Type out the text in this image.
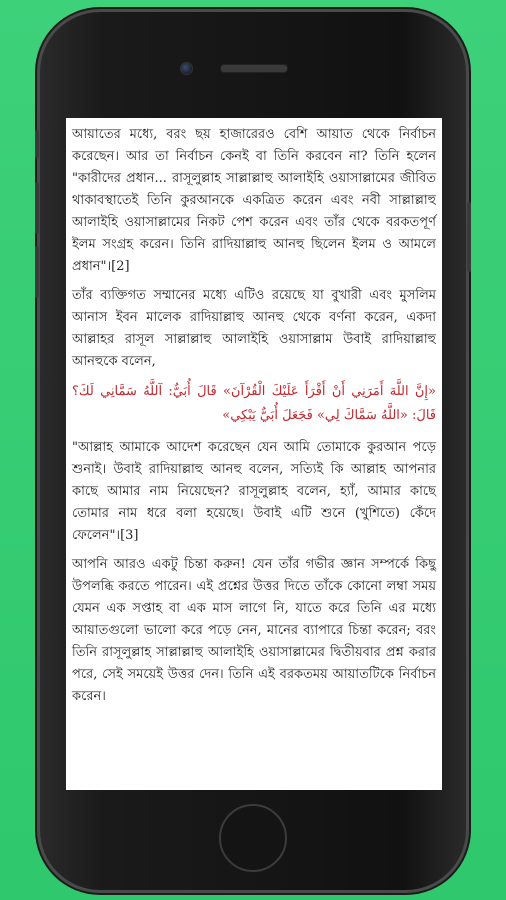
আয়াতের মধ্যে, বরং ছয় হাজারেরও বেশি আয়াত থেকে নির্বাচন করেছেন। আর তা নির্বাচন কেনই বা তিনি করবেন না? তিনি হলেন "কারীদের প্রধান... রাসূলুল্লাহ সাল্লাল্লাহু আলাইহি ওয়াসাল্লামের জীবিত থাকাবস্থাতেই তিনি কুরআনকে একত্রিত করেন এবং নবী সাল্লাল্লাহু আলাইহি ওয়াসাল্লামের নিকট পেশ করেন এবং তাঁর থেকে বরকতপূর্ণ ইলম সংগ্রহ করেন। তিনি রাদিয়াল্লাহু আনহু ছিলেন ইলম ও আমলে প্রধান"।[2]

তাঁর ব্যক্তিগত সম্মানের মধ্যে এটিও রয়েছে যা বুখারী এবং মুসলিম আনাস ইবন মালেক রাদিয়াল্লাহু আনহু থেকে বর্ণনা করেন, একদা আল্লাহর রাসূল সাল্লাল্লাহু আলাইহি ওয়াসাল্লাম উবাই রাদিয়াল্লাহু আনহুকে বলেন,

«إِنَّ اللَّهَ أَمَرَنِي أَنْ أَقْرَأَ عَلَيْكَ الْقُرْآنَ» قَالَ أُبَيٌّ: آللَّهُ سَمَّانِي لَكَ؟ قَالَ: «اللَّهُ سَمَّاكَ لِي» فَجَعَلَ أُبَيٌّ يَبْكِي»

"আল্লাহ আমাকে আদেশ করেছেন যেন আমি তোমাকে কুরআন পড়ে শুনাই। উবাই রাদিয়াল্লাহু আনহু বলেন, সত্যিই কি আল্লাহ আপনার কাছে আমার নাম নিয়েছেন? রাসূলুল্লাহ বলেন, হ্যাঁ, আমার কাছে তোমার নাম ধরে বলা হয়েছে। উবাই এটি শুনে (খুশিতে) কেঁদে ফেলেন"।[3]

আপনি আরও একটু চিন্তা করুন! যেন তাঁর গভীর জ্ঞান সম্পর্কে কিছু উপলব্ধি করতে পারেন। এই প্রশ্নের উত্তর দিতে তাঁকে কোনো লম্বা সময় যেমন এক সপ্তাহ বা এক মাস লাগে নি, যাতে করে তিনি এর মধ্যে আয়াতগুলো ভালো করে পড়ে নেন, মানের ব্যাপারে চিন্তা করেন; বরং তিনি রাসূলুল্লাহ সাল্লাল্লাহু আলাইহি ওয়াসাল্লামের দ্বিতীয়বার প্রশ্ন করার পরে, সেই সময়েই উত্তর দেন। তিনি এই বরকতময় আয়াতটিকে নির্বাচন করেন।
